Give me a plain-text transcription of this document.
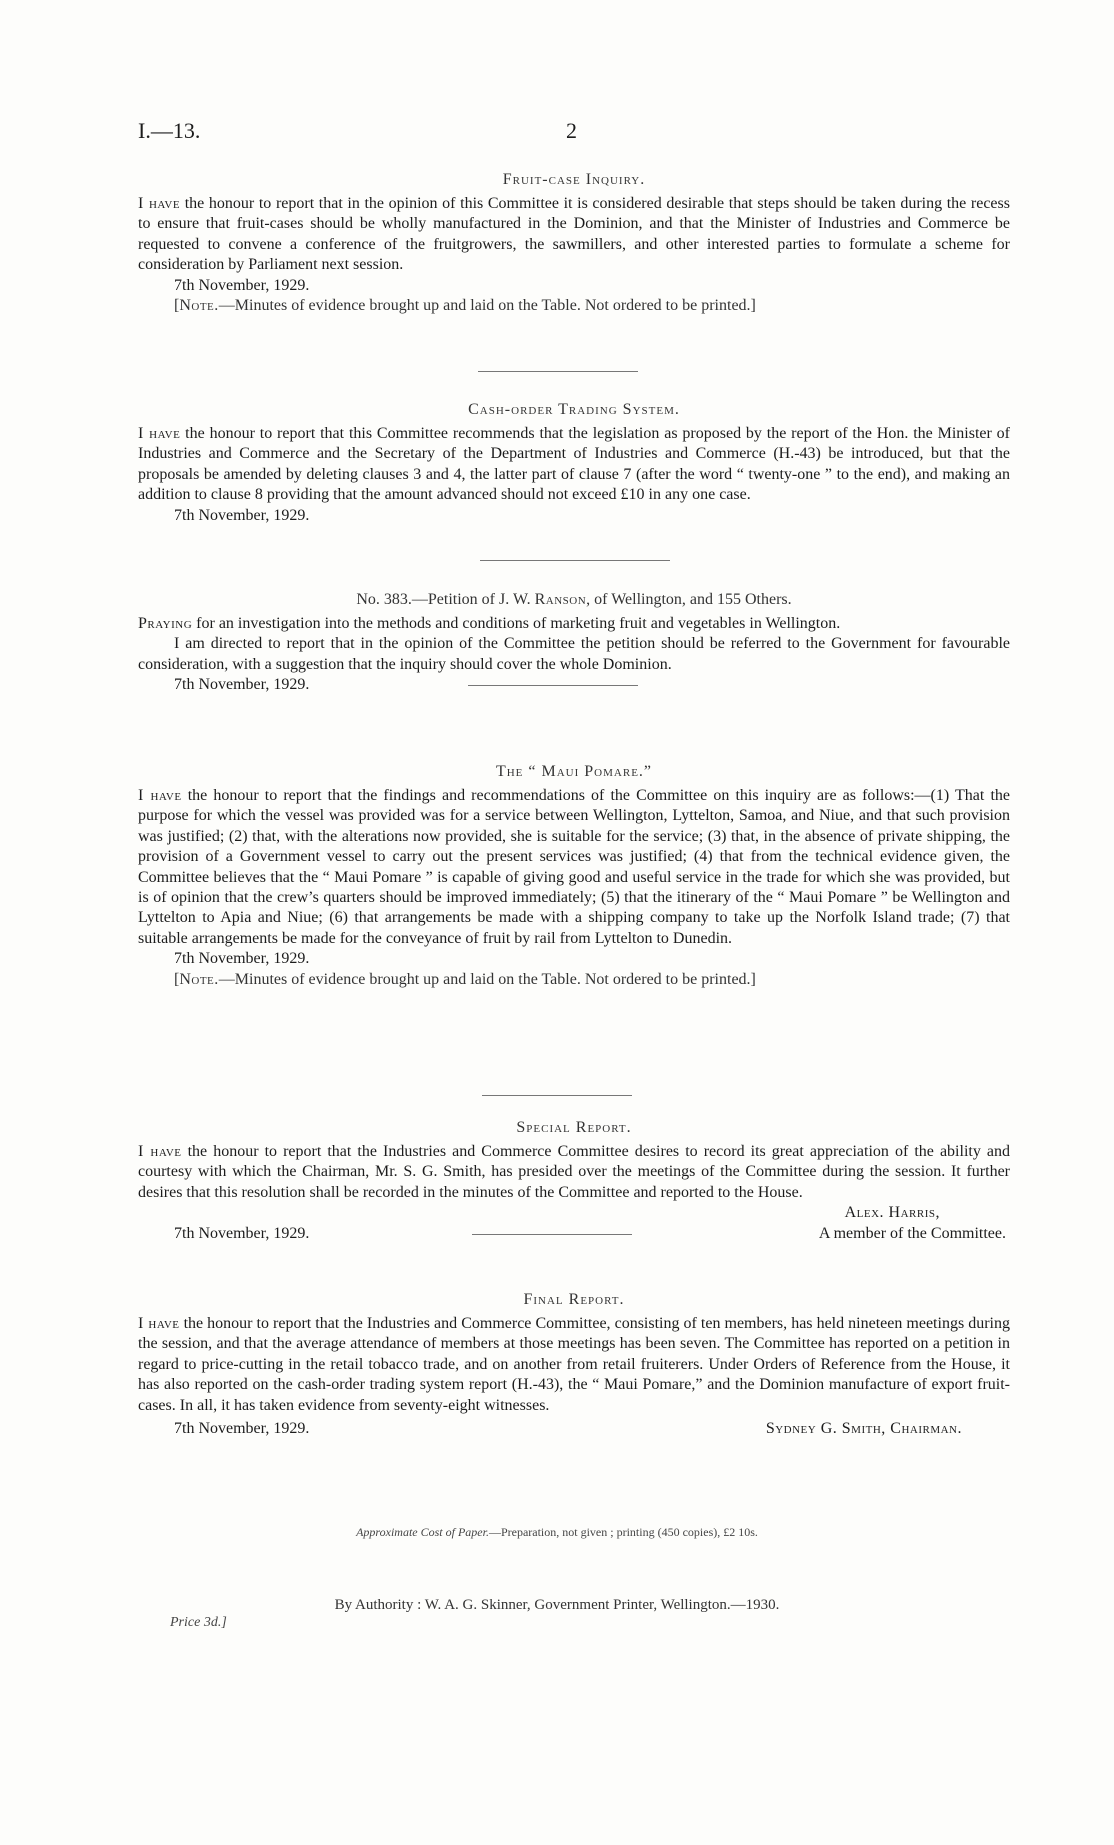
I.—13.	2
Fruit-case Inquiry.

I have the honour to report that in the opinion of this Committee it is considered desirable that steps should be taken during the recess to ensure that fruit-cases should be wholly manufactured in the Dominion, and that the Minister of Industries and Commerce be requested to convene a conference of the fruitgrowers, the sawmillers, and other interested parties to formulate a scheme for consideration by Parliament next session.

7th November, 1929.

[Note.—Minutes of evidence brought up and laid on the Table. Not ordered to be printed.]

Cash-order Trading System.

I have the honour to report that this Committee recommends that the legislation as proposed by the report of the Hon. the Minister of Industries and Commerce and the Secretary of the Department of Industries and Commerce (H.-43) be introduced, but that the proposals be amended by deleting clauses 3 and 4, the latter part of clause 7 (after the word “ twenty-one ” to the end), and making an addition to clause 8 providing that the amount advanced should not exceed £10 in any one case.

7th November, 1929.

No. 383.—Petition of J. W. Ranson, of Wellington, and 155 Others.

Praying for an investigation into the methods and conditions of marketing fruit and vegetables in Wellington.

I am directed to report that in the opinion of the Committee the petition should be referred to the Government for favourable consideration, with a suggestion that the inquiry should cover the whole Dominion.

7th November, 1929.
The “ Maui Pomare.”

I have the honour to report that the findings and recommendations of the Committee on this inquiry are as follows:—(1) That the purpose for which the vessel was provided was for a service between Wellington, Lyttelton, Samoa, and Niue, and that such provision was justified; (2) that, with the alterations now provided, she is suitable for the service; (3) that, in the absence of private shipping, the provision of a Government vessel to carry out the present services was justified; (4) that from the technical evidence given, the Committee believes that the “ Maui Pomare ” is capable of giving good and useful service in the trade for which she was provided, but is of opinion that the crew’s quarters should be improved immediately; (5) that the itinerary of the “ Maui Pomare ” be Wellington and Lyttelton to Apia and Niue; (6) that arrangements be made with a shipping company to take up the Norfolk Island trade; (7) that suitable arrangements be made for the conveyance of fruit by rail from Lyttelton to Dunedin.

7th November, 1929.

[Note.—Minutes of evidence brought up and laid on the Table. Not ordered to be printed.]

Special Report.

I have the honour to report that the Industries and Commerce Committee desires to record its great appreciation of the ability and courtesy with which the Chairman, Mr. S. G. Smith, has presided over the meetings of the Committee during the session. It further desires that this resolution shall be recorded in the minutes of the Committee and reported to the House.

Alex. Harris,
7th November, 1929.	A member of the Committee.
Final Report.

I have the honour to report that the Industries and Commerce Committee, consisting of ten members, has held nineteen meetings during the session, and that the average attendance of members at those meetings has been seven. The Committee has reported on a petition in regard to price-cutting in the retail tobacco trade, and on another from retail fruiterers. Under Orders of Reference from the House, it has also reported on the cash-order trading system report (H.-43), the “ Maui Pomare,” and the Dominion manufacture of export fruit-cases. In all, it has taken evidence from seventy-eight witnesses.

7th November, 1929.	Sydney G. Smith, Chairman.
Approximate Cost of Paper.—Preparation, not given ; printing (450 copies), £2 10s.
By Authority : W. A. G. Skinner, Government Printer, Wellington.—1930.
Price 3d.]
